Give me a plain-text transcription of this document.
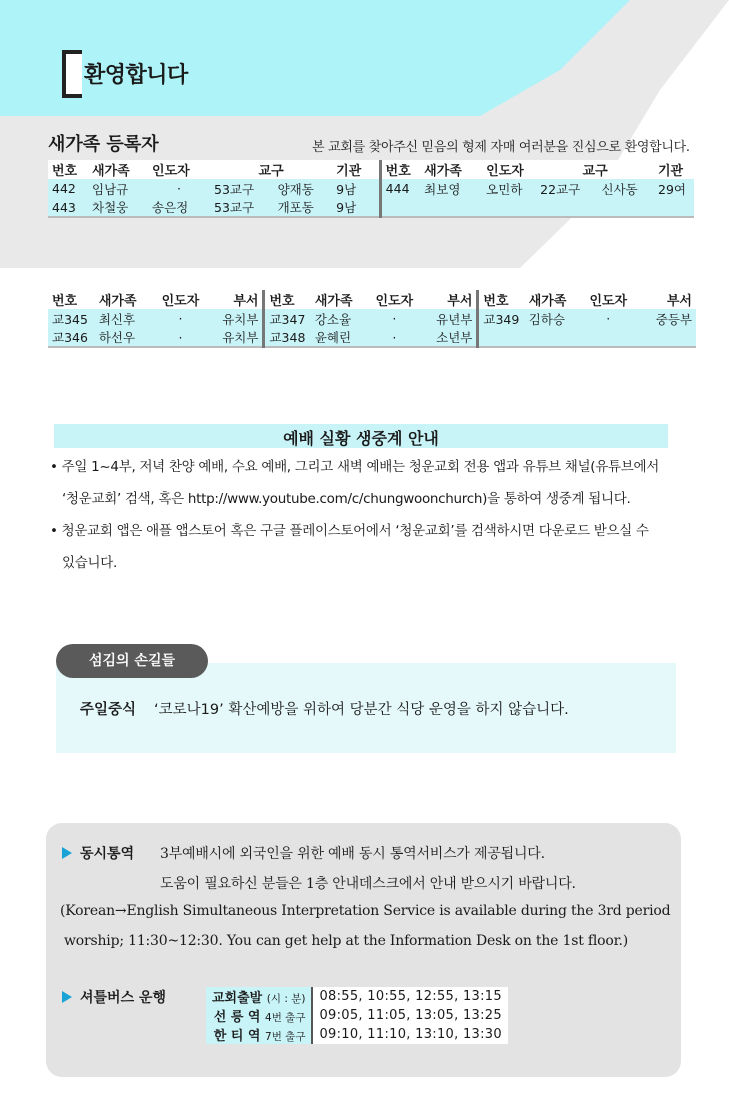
환영합니다
새가족 등록자	본 교회를 찾아주신 믿음의 형제 자매 여러분을 진심으로 환영합니다.
번호	새가족	인도자	교구		기관	번호	새가족	인도자	교구		기관
442	임남규	·	53교구	양재동	9남	444	최보영	오민하	22교구	신사동	29여
443	차철웅	송은정	53교구	개포동	9남						
번호	새가족	인도자	부서	번호	새가족	인도자	부서	번호	새가족	인도자	부서
교345	최신후	·	유치부	교347	강소율	·	유년부	교349	김하승	·	중등부
교346	하선우	·	유치부	교348	윤혜린	·	소년부				
예배 실황 생중계 안내
• 주일 1~4부, 저녁 찬양 예배, 수요 예배, 그리고 새벽 예배는 청운교회 전용 앱과 유튜브 채널(유튜브에서
‘청운교회’ 검색, 혹은 http://www.youtube.com/c/chungwoonchurch)을 통하여 생중계 됩니다.
• 청운교회 앱은 애플 앱스토어 혹은 구글 플레이스토어에서 ‘청운교회’를 검색하시면 다운로드 받으실 수
있습니다.
섬김의 손길들
주일중식 ‘코로나19’ 확산예방을 위하여 당분간 식당 운영을 하지 않습니다.
동시통역 3부예배시에 외국인을 위한 예배 동시 통역서비스가 제공됩니다.
도움이 필요하신 분들은 1층 안내데스크에서 안내 받으시기 바랍니다.
(Korean→English Simultaneous Interpretation Service is available during the 3rd period
worship; 11:30~12:30. You can get help at the Information Desk on the 1st floor.)
셔틀버스 운행	교회출발 (시 : 분)	08:55, 10:55, 12:55, 13:15
선 릉 역 4번 출구	09:05, 11:05, 13:05, 13:25
한 티 역 7번 출구	09:10, 11:10, 13:10, 13:30
